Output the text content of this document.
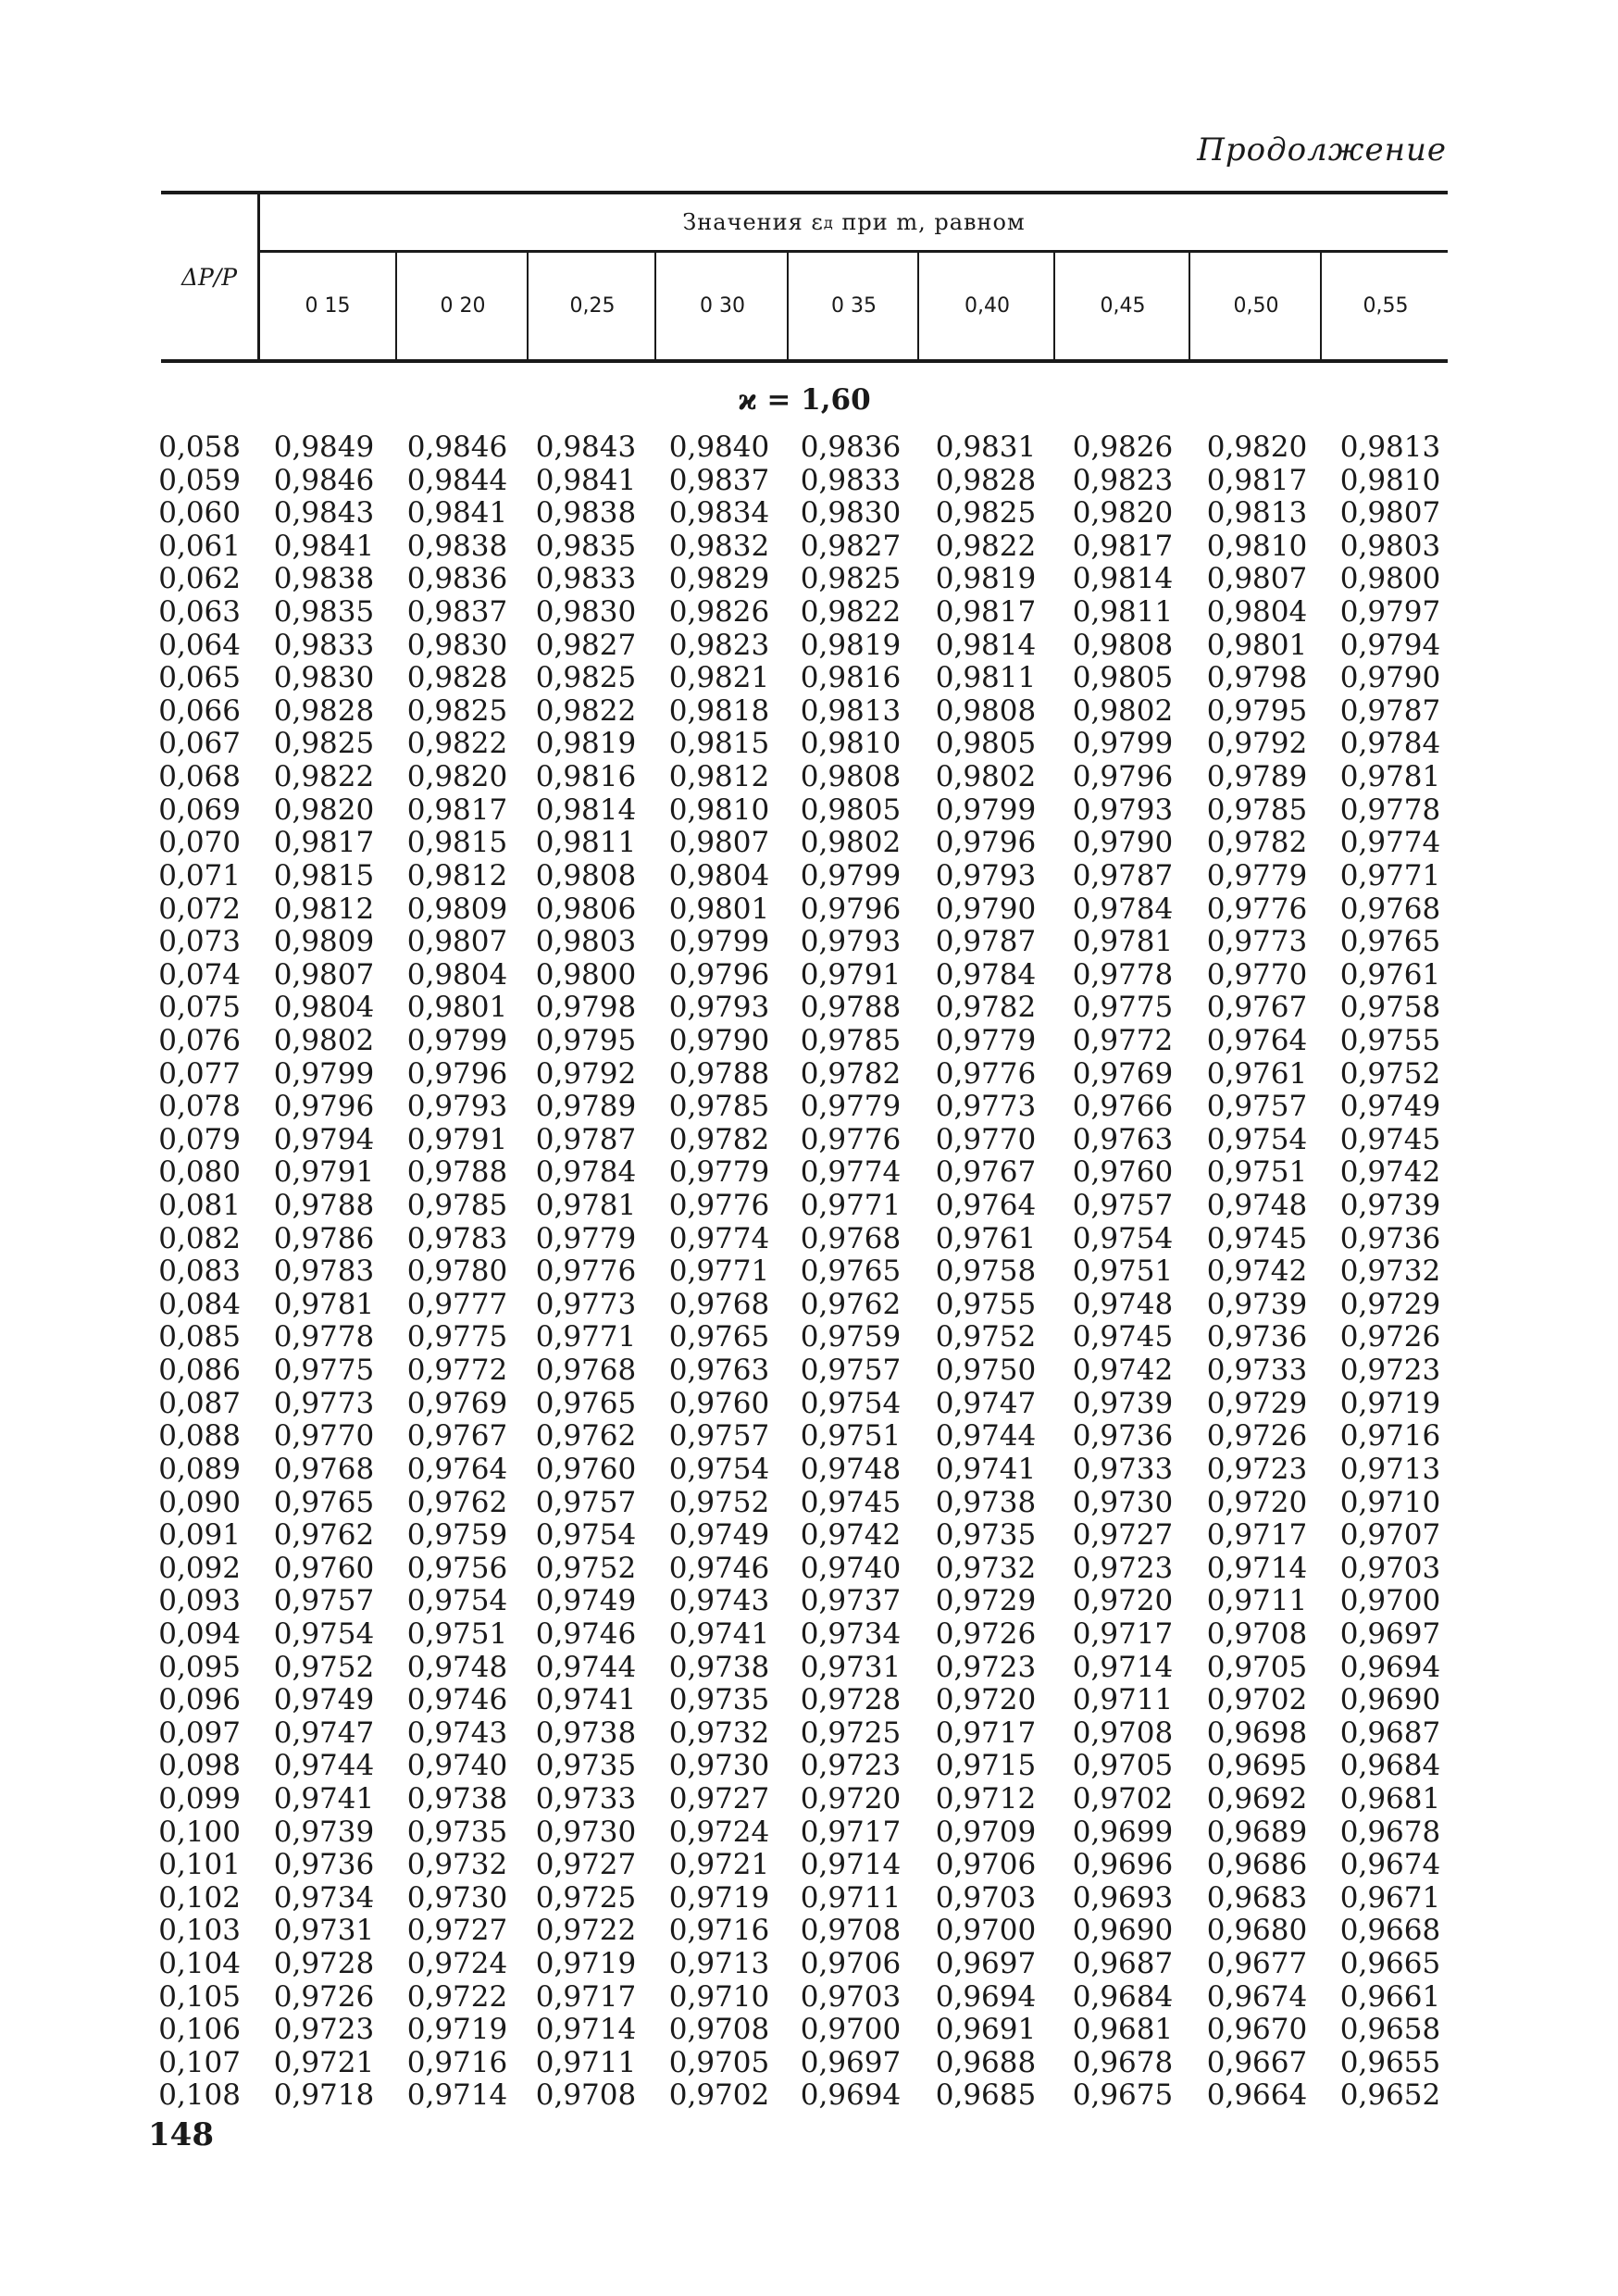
Продолжение
ΔP/P
Значения ε д при m, равном
0 15	0 20	0,25	0 30	0 35	0,40	0,45	0,50	0,55
ϰ = 1,60
0,058 0,9849 0,9846 0,9843 0,9840 0,9836 0,9831 0,9826 0,9820 0,9813
0,059 0,9846 0,9844 0,9841 0,9837 0,9833 0,9828 0,9823 0,9817 0,9810
0,060 0,9843 0,9841 0,9838 0,9834 0,9830 0,9825 0,9820 0,9813 0,9807
0,061 0,9841 0,9838 0,9835 0,9832 0,9827 0,9822 0,9817 0,9810 0,9803
0,062 0,9838 0,9836 0,9833 0,9829 0,9825 0,9819 0,9814 0,9807 0,9800
0,063 0,9835 0,9837 0,9830 0,9826 0,9822 0,9817 0,9811 0,9804 0,9797
0,064 0,9833 0,9830 0,9827 0,9823 0,9819 0,9814 0,9808 0,9801 0,9794
0,065 0,9830 0,9828 0,9825 0,9821 0,9816 0,9811 0,9805 0,9798 0,9790
0,066 0,9828 0,9825 0,9822 0,9818 0,9813 0,9808 0,9802 0,9795 0,9787
0,067 0,9825 0,9822 0,9819 0,9815 0,9810 0,9805 0,9799 0,9792 0,9784
0,068 0,9822 0,9820 0,9816 0,9812 0,9808 0,9802 0,9796 0,9789 0,9781
0,069 0,9820 0,9817 0,9814 0,9810 0,9805 0,9799 0,9793 0,9785 0,9778
0,070 0,9817 0,9815 0,9811 0,9807 0,9802 0,9796 0,9790 0,9782 0,9774
0,071 0,9815 0,9812 0,9808 0,9804 0,9799 0,9793 0,9787 0,9779 0,9771
0,072 0,9812 0,9809 0,9806 0,9801 0,9796 0,9790 0,9784 0,9776 0,9768
0,073 0,9809 0,9807 0,9803 0,9799 0,9793 0,9787 0,9781 0,9773 0,9765
0,074 0,9807 0,9804 0,9800 0,9796 0,9791 0,9784 0,9778 0,9770 0,9761
0,075 0,9804 0,9801 0,9798 0,9793 0,9788 0,9782 0,9775 0,9767 0,9758
0,076 0,9802 0,9799 0,9795 0,9790 0,9785 0,9779 0,9772 0,9764 0,9755
0,077 0,9799 0,9796 0,9792 0,9788 0,9782 0,9776 0,9769 0,9761 0,9752
0,078 0,9796 0,9793 0,9789 0,9785 0,9779 0,9773 0,9766 0,9757 0,9749
0,079 0,9794 0,9791 0,9787 0,9782 0,9776 0,9770 0,9763 0,9754 0,9745
0,080 0,9791 0,9788 0,9784 0,9779 0,9774 0,9767 0,9760 0,9751 0,9742
0,081 0,9788 0,9785 0,9781 0,9776 0,9771 0,9764 0,9757 0,9748 0,9739
0,082 0,9786 0,9783 0,9779 0,9774 0,9768 0,9761 0,9754 0,9745 0,9736
0,083 0,9783 0,9780 0,9776 0,9771 0,9765 0,9758 0,9751 0,9742 0,9732
0,084 0,9781 0,9777 0,9773 0,9768 0,9762 0,9755 0,9748 0,9739 0,9729
0,085 0,9778 0,9775 0,9771 0,9765 0,9759 0,9752 0,9745 0,9736 0,9726
0,086 0,9775 0,9772 0,9768 0,9763 0,9757 0,9750 0,9742 0,9733 0,9723
0,087 0,9773 0,9769 0,9765 0,9760 0,9754 0,9747 0,9739 0,9729 0,9719
0,088 0,9770 0,9767 0,9762 0,9757 0,9751 0,9744 0,9736 0,9726 0,9716
0,089 0,9768 0,9764 0,9760 0,9754 0,9748 0,9741 0,9733 0,9723 0,9713
0,090 0,9765 0,9762 0,9757 0,9752 0,9745 0,9738 0,9730 0,9720 0,9710
0,091 0,9762 0,9759 0,9754 0,9749 0,9742 0,9735 0,9727 0,9717 0,9707
0,092 0,9760 0,9756 0,9752 0,9746 0,9740 0,9732 0,9723 0,9714 0,9703
0,093 0,9757 0,9754 0,9749 0,9743 0,9737 0,9729 0,9720 0,9711 0,9700
0,094 0,9754 0,9751 0,9746 0,9741 0,9734 0,9726 0,9717 0,9708 0,9697
0,095 0,9752 0,9748 0,9744 0,9738 0,9731 0,9723 0,9714 0,9705 0,9694
0,096 0,9749 0,9746 0,9741 0,9735 0,9728 0,9720 0,9711 0,9702 0,9690
0,097 0,9747 0,9743 0,9738 0,9732 0,9725 0,9717 0,9708 0,9698 0,9687
0,098 0,9744 0,9740 0,9735 0,9730 0,9723 0,9715 0,9705 0,9695 0,9684
0,099 0,9741 0,9738 0,9733 0,9727 0,9720 0,9712 0,9702 0,9692 0,9681
0,100 0,9739 0,9735 0,9730 0,9724 0,9717 0,9709 0,9699 0,9689 0,9678
0,101 0,9736 0,9732 0,9727 0,9721 0,9714 0,9706 0,9696 0,9686 0,9674
0,102 0,9734 0,9730 0,9725 0,9719 0,9711 0,9703 0,9693 0,9683 0,9671
0,103 0,9731 0,9727 0,9722 0,9716 0,9708 0,9700 0,9690 0,9680 0,9668
0,104 0,9728 0,9724 0,9719 0,9713 0,9706 0,9697 0,9687 0,9677 0,9665
0,105 0,9726 0,9722 0,9717 0,9710 0,9703 0,9694 0,9684 0,9674 0,9661
0,106 0,9723 0,9719 0,9714 0,9708 0,9700 0,9691 0,9681 0,9670 0,9658
0,107 0,9721 0,9716 0,9711 0,9705 0,9697 0,9688 0,9678 0,9667 0,9655
0,108 0,9718 0,9714 0,9708 0,9702 0,9694 0,9685 0,9675 0,9664 0,9652
148
